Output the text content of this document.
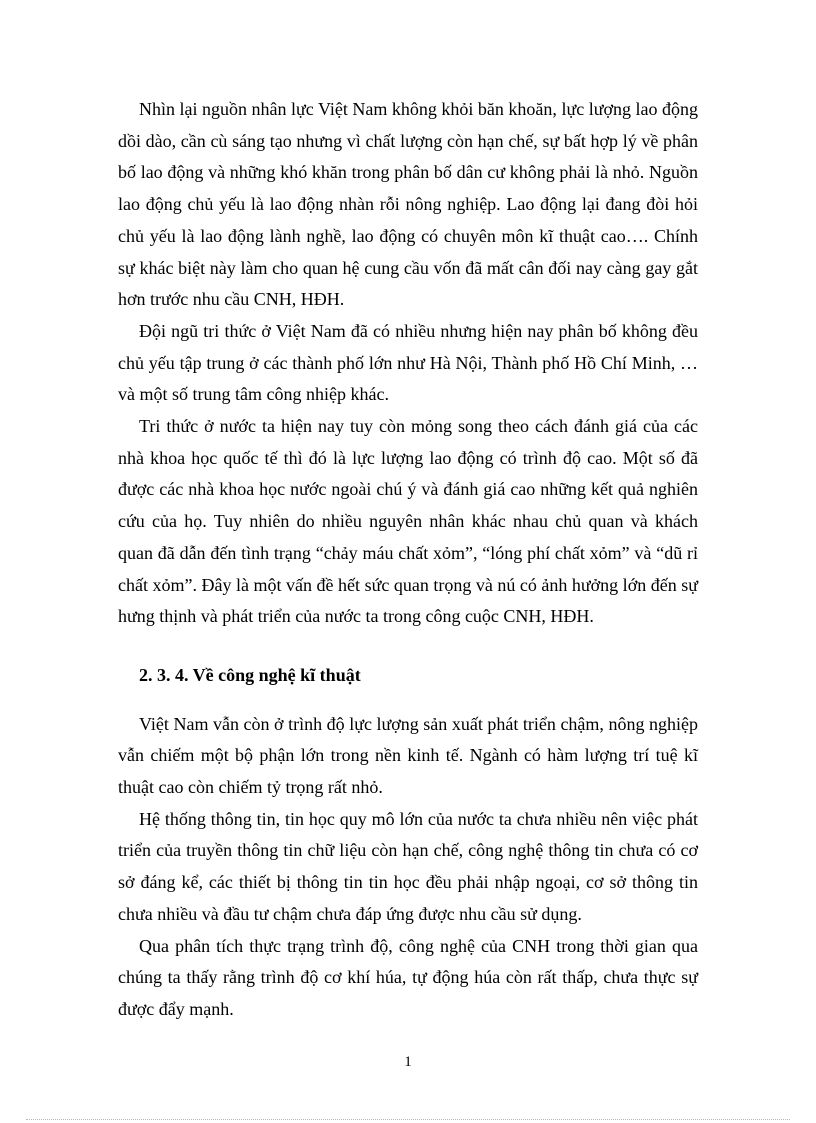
Nhìn lại nguồn nhân lực Việt Nam không khỏi băn khoăn, lực lượng lao động dồi dào, cần cù sáng tạo nhưng vì chất lượng còn hạn chế, sự bất hợp lý về phân bố lao động và những khó khăn trong phân bố dân cư không phải là nhỏ. Nguồn lao động chủ yếu là lao động nhàn rỗi nông nghiệp. Lao động lại đang đòi hỏi chủ yếu là lao động lành nghề, lao động có chuyên môn kĩ thuật cao…. Chính sự khác biệt này làm cho quan hệ cung cầu vốn đã mất cân đối nay càng gay gắt hơn trước nhu cầu CNH, HĐH.

Đội ngũ tri thức ở Việt Nam đã có nhiều nhưng hiện nay phân bố không đều chủ yếu tập trung ở các thành phố lớn như Hà Nội, Thành phố Hồ Chí Minh, … và một số trung tâm công nhiệp khác.

Tri thức ở nước ta hiện nay tuy còn mỏng song theo cách đánh giá của các nhà khoa học quốc tế thì đó là lực lượng lao động có trình độ cao. Một số đã được các nhà khoa học nước ngoài chú ý và đánh giá cao những kết quả nghiên cứu của họ. Tuy nhiên do nhiều nguyên nhân khác nhau chủ quan và khách quan đã dẫn đến tình trạng “chảy máu chất xỏm”, “lóng phí chất xỏm” và “dũ rỉ chất xỏm”. Đây là một vấn đề hết sức quan trọng và nú có ảnh hưởng lớn đến sự hưng thịnh và phát triển của nước ta trong công cuộc CNH, HĐH.

2. 3. 4. Về công nghệ kĩ thuật

Việt Nam vẫn còn ở trình độ lực lượng sản xuất phát triển chậm, nông nghiệp vẫn chiếm một bộ phận lớn trong nền kinh tế. Ngành có hàm lượng trí tuệ kĩ thuật cao còn chiếm tỷ trọng rất nhỏ.

Hệ thống thông tin, tin học quy mô lớn của nước ta chưa nhiều nên việc phát triển của truyền thông tin chữ liệu còn hạn chế, công nghệ thông tin chưa có cơ sở đáng kể, các thiết bị thông tin tin học đều phải nhập ngoại, cơ sở thông tin chưa nhiều và đầu tư chậm chưa đáp ứng được nhu cầu sử dụng.

Qua phân tích thực trạng trình độ, công nghệ của CNH trong thời gian qua chúng ta thấy rằng trình độ cơ khí húa, tự động húa còn rất thấp, chưa thực sự được đẩy mạnh.

1
